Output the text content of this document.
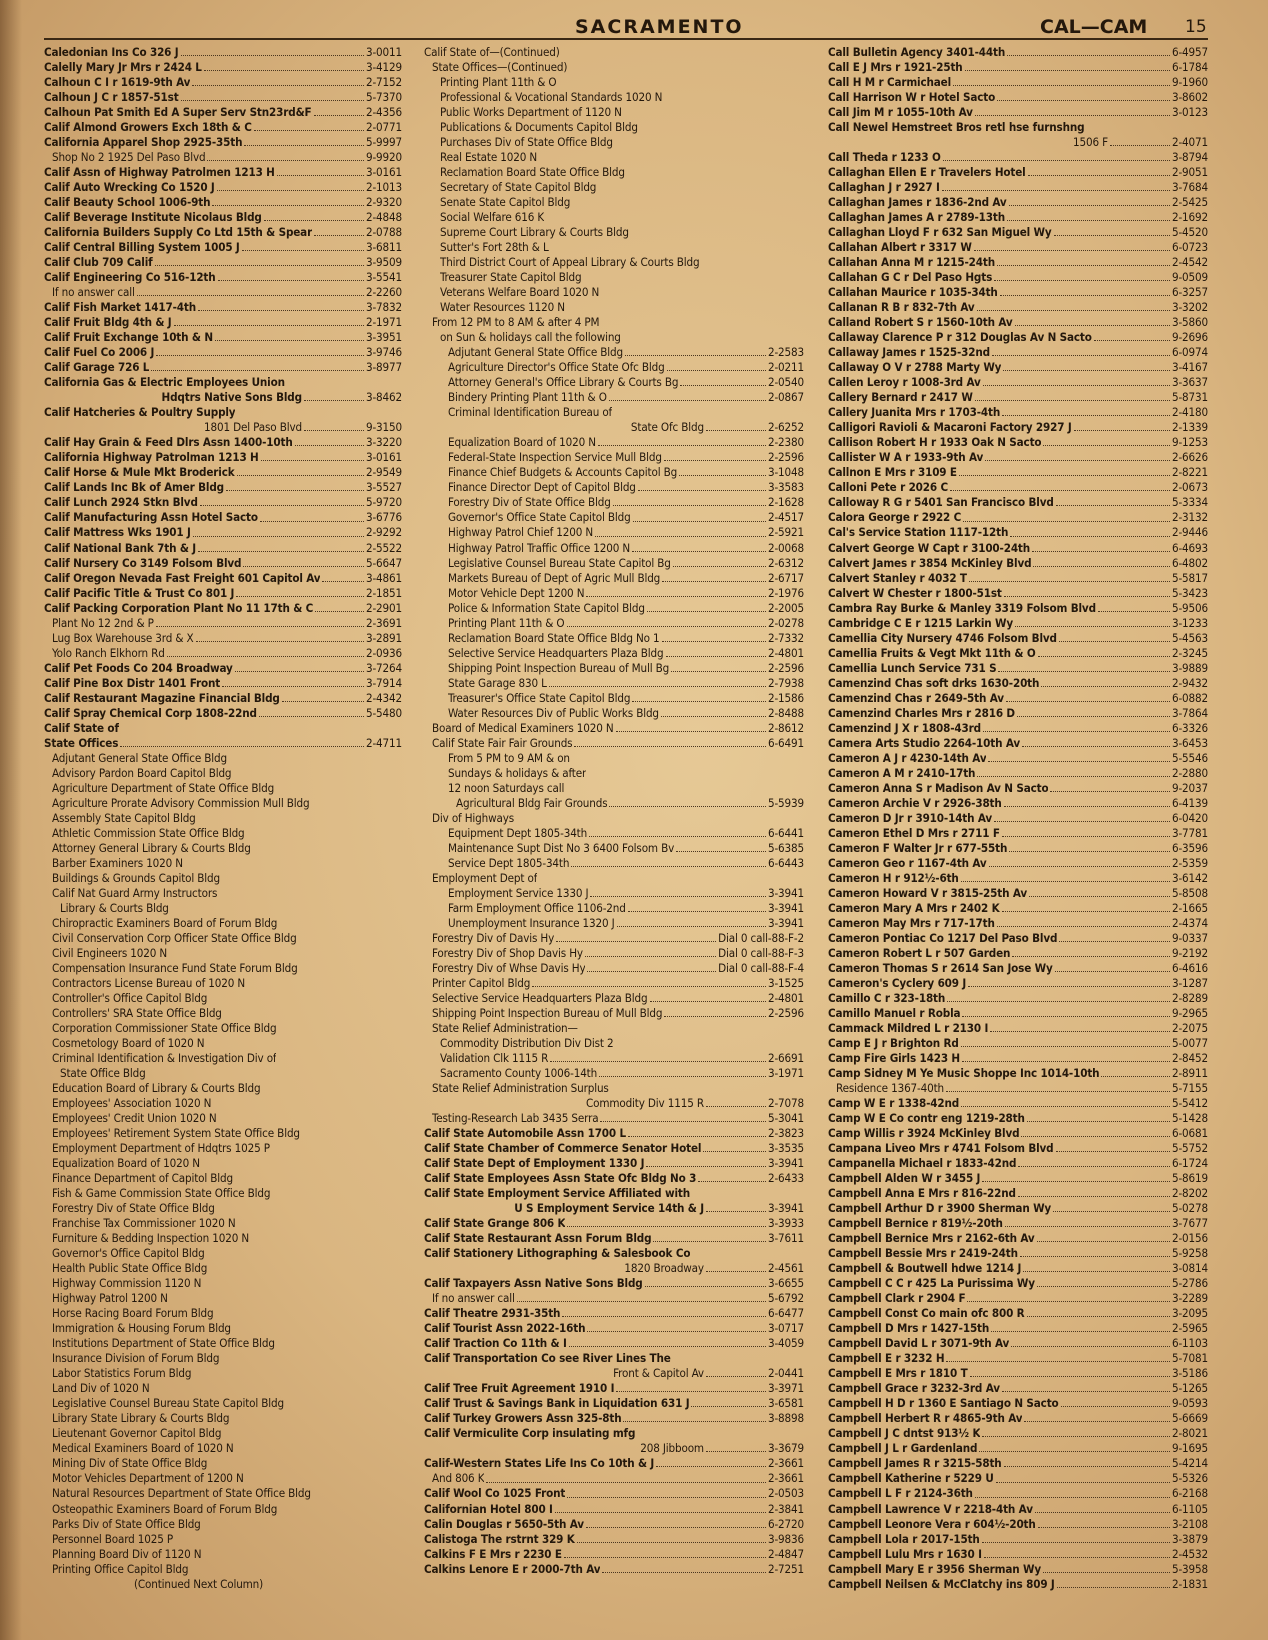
SACRAMENTO	CAL—CAM 15
Caledonian Ins Co 326 J	3-0011
Calelly Mary Jr Mrs r 2424 L	3-4129
Calhoun C I r 1619-9th Av	2-7152
Calhoun J C r 1857-51st	5-7370
Calhoun Pat Smith Ed A Super Serv Stn23rd&F	2-4356
Calif Almond Growers Exch 18th & C	2-0771
California Apparel Shop 2925-35th	5-9997
Shop No 2 1925 Del Paso Blvd	9-9920
Calif Assn of Highway Patrolmen 1213 H	3-0161
Calif Auto Wrecking Co 1520 J	2-1013
Calif Beauty School 1006-9th	2-9320
Calif Beverage Institute Nicolaus Bldg	2-4848
California Builders Supply Co Ltd 15th & Spear	2-0788
Calif Central Billing System 1005 J	3-6811
Calif Club 709 Calif	3-9509
Calif Engineering Co 516-12th	3-5541
If no answer call	2-2260
Calif Fish Market 1417-4th	3-7832
Calif Fruit Bldg 4th & J	2-1971
Calif Fruit Exchange 10th & N	3-3951
Calif Fuel Co 2006 J	3-9746
Calif Garage 726 L	3-8977
California Gas & Electric Employees Union
Hdqtrs Native Sons Bldg	3-8462
Calif Hatcheries & Poultry Supply
1801 Del Paso Blvd	9-3150
Calif Hay Grain & Feed Dlrs Assn 1400-10th	3-3220
California Highway Patrolman 1213 H	3-0161
Calif Horse & Mule Mkt Broderick	2-9549
Calif Lands Inc Bk of Amer Bldg	3-5527
Calif Lunch 2924 Stkn Blvd	5-9720
Calif Manufacturing Assn Hotel Sacto	3-6776
Calif Mattress Wks 1901 J	2-9292
Calif National Bank 7th & J	2-5522
Calif Nursery Co 3149 Folsom Blvd	5-6647
Calif Oregon Nevada Fast Freight 601 Capitol Av	3-4861
Calif Pacific Title & Trust Co 801 J	2-1851
Calif Packing Corporation Plant No 11 17th & C	2-2901
Plant No 12 2nd & P	2-3691
Lug Box Warehouse 3rd & X	3-2891
Yolo Ranch Elkhorn Rd	2-0936
Calif Pet Foods Co 204 Broadway	3-7264
Calif Pine Box Distr 1401 Front	3-7914
Calif Restaurant Magazine Financial Bldg	2-4342
Calif Spray Chemical Corp 1808-22nd	5-5480
Calif State of
State Offices	2-4711
Adjutant General State Office Bldg
Advisory Pardon Board Capitol Bldg
Agriculture Department of State Office Bldg
Agriculture Prorate Advisory Commission Mull Bldg
Assembly State Capitol Bldg
Athletic Commission State Office Bldg
Attorney General Library & Courts Bldg
Barber Examiners 1020 N
Buildings & Grounds Capitol Bldg
Calif Nat Guard Army Instructors
Library & Courts Bldg
Chiropractic Examiners Board of Forum Bldg
Civil Conservation Corp Officer State Office Bldg
Civil Engineers 1020 N
Compensation Insurance Fund State Forum Bldg
Contractors License Bureau of 1020 N
Controller's Office Capitol Bldg
Controllers' SRA State Office Bldg
Corporation Commissioner State Office Bldg
Cosmetology Board of 1020 N
Criminal Identification & Investigation Div of
State Office Bldg
Education Board of Library & Courts Bldg
Employees' Association 1020 N
Employees' Credit Union 1020 N
Employees' Retirement System State Office Bldg
Employment Department of Hdqtrs 1025 P
Equalization Board of 1020 N
Finance Department of Capitol Bldg
Fish & Game Commission State Office Bldg
Forestry Div of State Office Bldg
Franchise Tax Commissioner 1020 N
Furniture & Bedding Inspection 1020 N
Governor's Office Capitol Bldg
Health Public State Office Bldg
Highway Commission 1120 N
Highway Patrol 1200 N
Horse Racing Board Forum Bldg
Immigration & Housing Forum Bldg
Institutions Department of State Office Bldg
Insurance Division of Forum Bldg
Labor Statistics Forum Bldg
Land Div of 1020 N
Legislative Counsel Bureau State Capitol Bldg
Library State Library & Courts Bldg
Lieutenant Governor Capitol Bldg
Medical Examiners Board of 1020 N
Mining Div of State Office Bldg
Motor Vehicles Department of 1200 N
Natural Resources Department of State Office Bldg
Osteopathic Examiners Board of Forum Bldg
Parks Div of State Office Bldg
Personnel Board 1025 P
Planning Board Div of 1120 N
Printing Office Capitol Bldg
(Continued Next Column)
Calif State of—(Continued)
State Offices—(Continued)
Printing Plant 11th & O
Professional & Vocational Standards 1020 N
Public Works Department of 1120 N
Publications & Documents Capitol Bldg
Purchases Div of State Office Bldg
Real Estate 1020 N
Reclamation Board State Office Bldg
Secretary of State Capitol Bldg
Senate State Capitol Bldg
Social Welfare 616 K
Supreme Court Library & Courts Bldg
Sutter's Fort 28th & L
Third District Court of Appeal Library & Courts Bldg
Treasurer State Capitol Bldg
Veterans Welfare Board 1020 N
Water Resources 1120 N
From 12 PM to 8 AM & after 4 PM
on Sun & holidays call the following
Adjutant General State Office Bldg	2-2583
Agriculture Director's Office State Ofc Bldg	2-0211
Attorney General's Office Library & Courts Bg	2-0540
Bindery Printing Plant 11th & O	2-0867
Criminal Identification Bureau of
State Ofc Bldg	2-6252
Equalization Board of 1020 N	2-2380
Federal-State Inspection Service Mull Bldg	2-2596
Finance Chief Budgets & Accounts Capitol Bg	3-1048
Finance Director Dept of Capitol Bldg	3-3583
Forestry Div of State Office Bldg	2-1628
Governor's Office State Capitol Bldg	2-4517
Highway Patrol Chief 1200 N	2-5921
Highway Patrol Traffic Office 1200 N	2-0068
Legislative Counsel Bureau State Capitol Bg	2-6312
Markets Bureau of Dept of Agric Mull Bldg	2-6717
Motor Vehicle Dept 1200 N	2-1976
Police & Information State Capitol Bldg	2-2005
Printing Plant 11th & O	2-0278
Reclamation Board State Office Bldg No 1	2-7332
Selective Service Headquarters Plaza Bldg	2-4801
Shipping Point Inspection Bureau of Mull Bg	2-2596
State Garage 830 L	2-7938
Treasurer's Office State Capitol Bldg	2-1586
Water Resources Div of Public Works Bldg	2-8488
Board of Medical Examiners 1020 N	2-8612
Calif State Fair Fair Grounds	6-6491
From 5 PM to 9 AM & on
Sundays & holidays & after
12 noon Saturdays call
Agricultural Bldg Fair Grounds	5-5939
Div of Highways
Equipment Dept 1805-34th	6-6441
Maintenance Supt Dist No 3 6400 Folsom Bv	5-6385
Service Dept 1805-34th	6-6443
Employment Dept of
Employment Service 1330 J	3-3941
Farm Employment Office 1106-2nd	3-3941
Unemployment Insurance 1320 J	3-3941
Forestry Div of Davis Hy	Dial 0 call-88-F-2
Forestry Div of Shop Davis Hy	Dial 0 call-88-F-3
Forestry Div of Whse Davis Hy	Dial 0 call-88-F-4
Printer Capitol Bldg	3-1525
Selective Service Headquarters Plaza Bldg	2-4801
Shipping Point Inspection Bureau of Mull Bldg	2-2596
State Relief Administration—
Commodity Distribution Div Dist 2
Validation Clk 1115 R	2-6691
Sacramento County 1006-14th	3-1971
State Relief Administration Surplus
Commodity Div 1115 R	2-7078
Testing-Research Lab 3435 Serra	5-3041
Calif State Automobile Assn 1700 L	2-3823
Calif State Chamber of Commerce Senator Hotel	3-3535
Calif State Dept of Employment 1330 J	3-3941
Calif State Employees Assn State Ofc Bldg No 3	2-6433
Calif State Employment Service Affiliated with
U S Employment Service 14th & J	3-3941
Calif State Grange 806 K	3-3933
Calif State Restaurant Assn Forum Bldg	3-7611
Calif Stationery Lithographing & Salesbook Co
1820 Broadway	2-4561
Calif Taxpayers Assn Native Sons Bldg	3-6655
If no answer call	5-6792
Calif Theatre 2931-35th	6-6477
Calif Tourist Assn 2022-16th	3-0717
Calif Traction Co 11th & I	3-4059
Calif Transportation Co see River Lines The
Front & Capitol Av	2-0441
Calif Tree Fruit Agreement 1910 I	3-3971
Calif Trust & Savings Bank in Liquidation 631 J	3-6581
Calif Turkey Growers Assn 325-8th	3-8898
Calif Vermiculite Corp insulating mfg
208 Jibboom	3-3679
Calif-Western States Life Ins Co 10th & J	2-3661
And 806 K	2-3661
Calif Wool Co 1025 Front	2-0503
Californian Hotel 800 I	2-3841
Calin Douglas r 5650-5th Av	6-2720
Calistoga The rstrnt 329 K	3-9836
Calkins F E Mrs r 2230 E	2-4847
Calkins Lenore E r 2000-7th Av	2-7251
Call Bulletin Agency 3401-44th	6-4957
Call E J Mrs r 1921-25th	6-1784
Call H M r Carmichael	9-1960
Call Harrison W r Hotel Sacto	3-8602
Call Jim M r 1055-10th Av	3-0123
Call Newel Hemstreet Bros retl hse furnshng
1506 F	2-4071
Call Theda r 1233 O	3-8794
Callaghan Ellen E r Travelers Hotel	2-9051
Callaghan J r 2927 I	3-7684
Callaghan James r 1836-2nd Av	2-5425
Callaghan James A r 2789-13th	2-1692
Callaghan Lloyd F r 632 San Miguel Wy	5-4520
Callahan Albert r 3317 W	6-0723
Callahan Anna M r 1215-24th	2-4542
Callahan G C r Del Paso Hgts	9-0509
Callahan Maurice r 1035-34th	6-3257
Callanan R B r 832-7th Av	3-3202
Calland Robert S r 1560-10th Av	3-5860
Callaway Clarence P r 312 Douglas Av N Sacto	9-2696
Callaway James r 1525-32nd	6-0974
Callaway O V r 2788 Marty Wy	3-4167
Callen Leroy r 1008-3rd Av	3-3637
Callery Bernard r 2417 W	5-8731
Callery Juanita Mrs r 1703-4th	2-4180
Calligori Ravioli & Macaroni Factory 2927 J	2-1339
Callison Robert H r 1933 Oak N Sacto	9-1253
Callister W A r 1933-9th Av	2-6626
Callnon E Mrs r 3109 E	2-8221
Calloni Pete r 2026 C	2-0673
Calloway R G r 5401 San Francisco Blvd	5-3334
Calora George r 2922 C	2-3132
Cal's Service Station 1117-12th	2-9446
Calvert George W Capt r 3100-24th	6-4693
Calvert James r 3854 McKinley Blvd	6-4802
Calvert Stanley r 4032 T	5-5817
Calvert W Chester r 1800-51st	5-3423
Cambra Ray Burke & Manley 3319 Folsom Blvd	5-9506
Cambridge C E r 1215 Larkin Wy	3-1233
Camellia City Nursery 4746 Folsom Blvd	5-4563
Camellia Fruits & Vegt Mkt 11th & O	2-3245
Camellia Lunch Service 731 S	3-9889
Camenzind Chas soft drks 1630-20th	2-9432
Camenzind Chas r 2649-5th Av	6-0882
Camenzind Charles Mrs r 2816 D	3-7864
Camenzind J X r 1808-43rd	6-3326
Camera Arts Studio 2264-10th Av	3-6453
Cameron A J r 4230-14th Av	5-5546
Cameron A M r 2410-17th	2-2880
Cameron Anna S r Madison Av N Sacto	9-2037
Cameron Archie V r 2926-38th	6-4139
Cameron D Jr r 3910-14th Av	6-0420
Cameron Ethel D Mrs r 2711 F	3-7781
Cameron F Walter Jr r 677-55th	6-3596
Cameron Geo r 1167-4th Av	2-5359
Cameron H r 912½-6th	3-6142
Cameron Howard V r 3815-25th Av	5-8508
Cameron Mary A Mrs r 2402 K	2-1665
Cameron May Mrs r 717-17th	2-4374
Cameron Pontiac Co 1217 Del Paso Blvd	9-0337
Cameron Robert L r 507 Garden	9-2192
Cameron Thomas S r 2614 San Jose Wy	6-4616
Cameron's Cyclery 609 J	3-1287
Camillo C r 323-18th	2-8289
Camillo Manuel r Robla	9-2965
Cammack Mildred L r 2130 I	2-2075
Camp E J r Brighton Rd	5-0077
Camp Fire Girls 1423 H	2-8452
Camp Sidney M Ye Music Shoppe Inc 1014-10th	2-8911
Residence 1367-40th	5-7155
Camp W E r 1338-42nd	5-5412
Camp W E Co contr eng 1219-28th	5-1428
Camp Willis r 3924 McKinley Blvd	6-0681
Campana Liveo Mrs r 4741 Folsom Blvd	5-5752
Campanella Michael r 1833-42nd	6-1724
Campbell Alden W r 3455 J	5-8619
Campbell Anna E Mrs r 816-22nd	2-8202
Campbell Arthur D r 3900 Sherman Wy	5-0278
Campbell Bernice r 819½-20th	3-7677
Campbell Bernice Mrs r 2162-6th Av	2-0156
Campbell Bessie Mrs r 2419-24th	5-9258
Campbell & Boutwell hdwe 1214 J	3-0814
Campbell C C r 425 La Purissima Wy	5-2786
Campbell Clark r 2904 F	3-2289
Campbell Const Co main ofc 800 R	3-2095
Campbell D Mrs r 1427-15th	2-5965
Campbell David L r 3071-9th Av	6-1103
Campbell E r 3232 H	5-7081
Campbell E Mrs r 1810 T	3-5186
Campbell Grace r 3232-3rd Av	5-1265
Campbell H D r 1360 E Santiago N Sacto	9-0593
Campbell Herbert R r 4865-9th Av	5-6669
Campbell J C dntst 913½ K	2-8021
Campbell J L r Gardenland	9-1695
Campbell James R r 3215-58th	5-4214
Campbell Katherine r 5229 U	5-5326
Campbell L F r 2124-36th	6-2168
Campbell Lawrence V r 2218-4th Av	6-1105
Campbell Leonore Vera r 604½-20th	3-2108
Campbell Lola r 2017-15th	3-3879
Campbell Lulu Mrs r 1630 I	2-4532
Campbell Mary E r 3956 Sherman Wy	5-3958
Campbell Neilsen & McClatchy ins 809 J	2-1831
